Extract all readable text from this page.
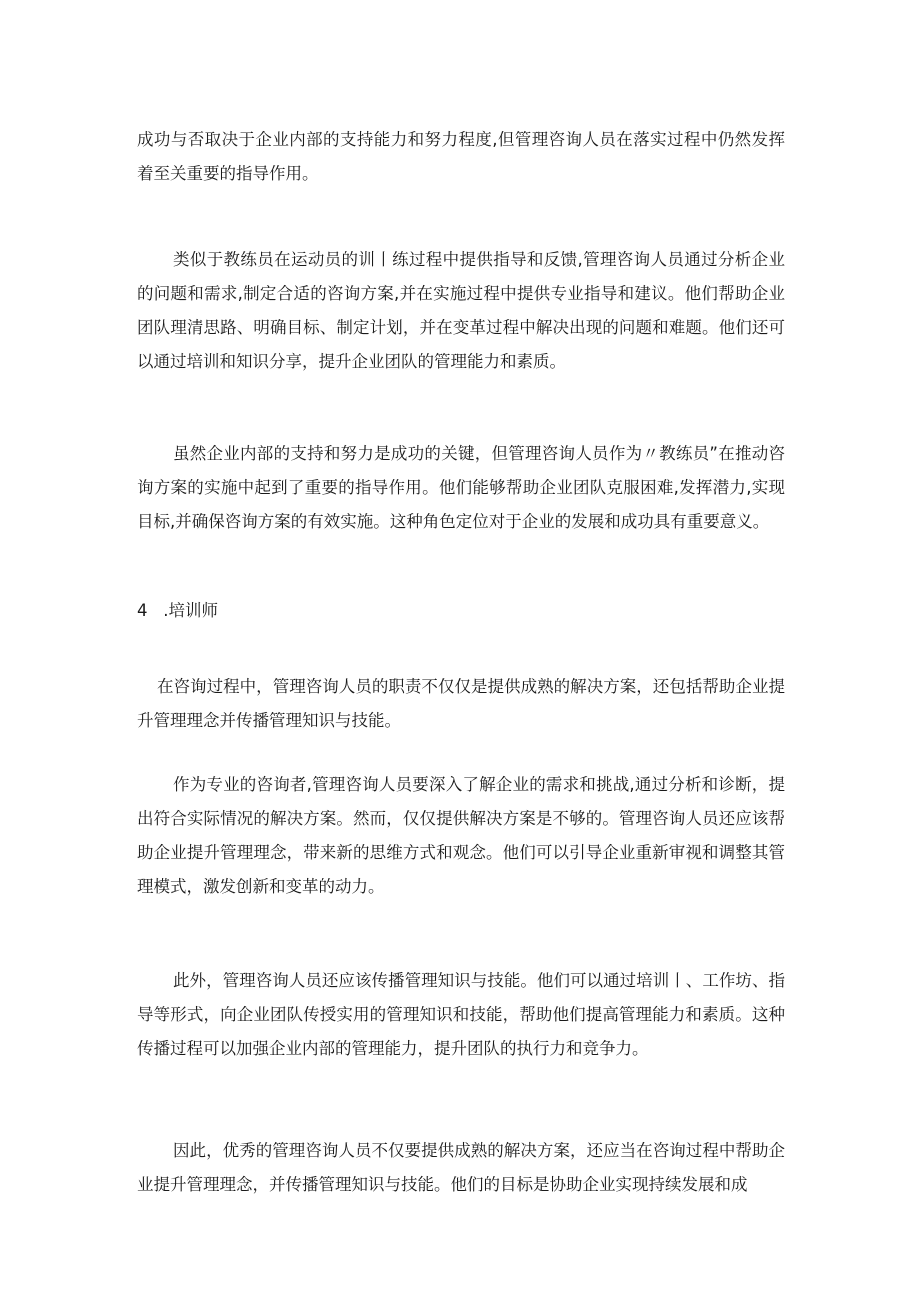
成功与否取决于企业内部的支持能力和努力程度,但管理咨询人员在落实过程中仍然发挥着至关重要的指导作用。

类似于教练员在运动员的训丨练过程中提供指导和反馈,管理咨询人员通过分析企业的问题和需求,制定合适的咨询方案,并在实施过程中提供专业指导和建议。他们帮助企业团队理清思路、明确目标、制定计划，并在变革过程中解决出现的问题和难题。他们还可以通过培训和知识分享，提升企业团队的管理能力和素质。

虽然企业内部的支持和努力是成功的关键，但管理咨询人员作为〃教练员”在推动咨询方案的实施中起到了重要的指导作用。他们能够帮助企业团队克服困难,发挥潜力,实现目标,并确保咨询方案的有效实施。这种角色定位对于企业的发展和成功具有重要意义。

4   .培训师

在咨询过程中，管理咨询人员的职责不仅仅是提供成熟的解决方案，还包括帮助企业提升管理理念并传播管理知识与技能。

作为专业的咨询者,管理咨询人员要深入了解企业的需求和挑战,通过分析和诊断，提出符合实际情况的解决方案。然而，仅仅提供解决方案是不够的。管理咨询人员还应该帮助企业提升管理理念，带来新的思维方式和观念。他们可以引导企业重新审视和调整其管理模式，激发创新和变革的动力。

此外，管理咨询人员还应该传播管理知识与技能。他们可以通过培训丨、工作坊、指导等形式，向企业团队传授实用的管理知识和技能，帮助他们提高管理能力和素质。这种传播过程可以加强企业内部的管理能力，提升团队的执行力和竞争力。

因此，优秀的管理咨询人员不仅要提供成熟的解决方案，还应当在咨询过程中帮助企业提升管理理念，并传播管理知识与技能。他们的目标是协助企业实现持续发展和成
